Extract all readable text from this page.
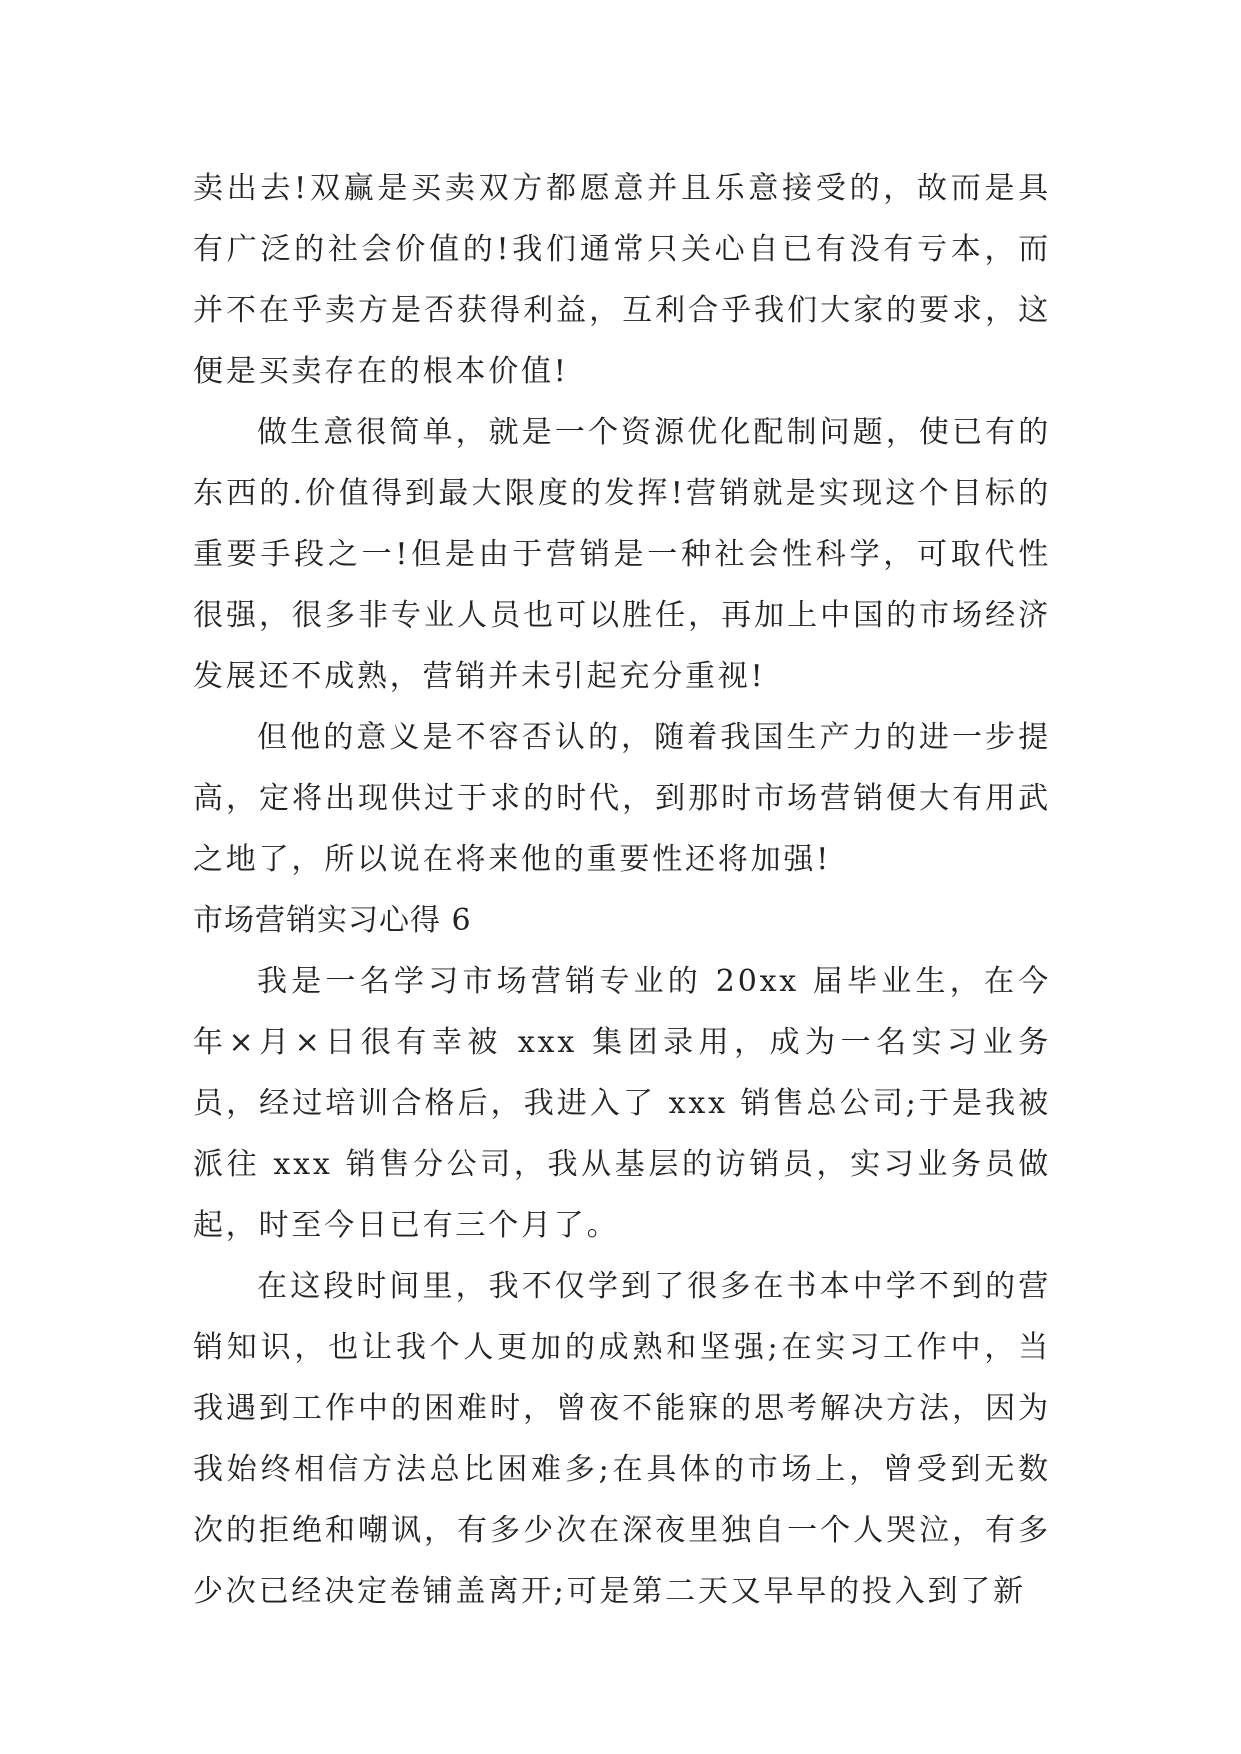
卖出去!双赢是买卖双方都愿意并且乐意接受的，故而是具有广泛的社会价值的!我们通常只关心自已有没有亏本，而并不在乎卖方是否获得利益，互利合乎我们大家的要求，这便是买卖存在的根本价值!

做生意很简单，就是一个资源优化配制问题，使已有的东西的.价值得到最大限度的发挥!营销就是实现这个目标的重要手段之一!但是由于营销是一种社会性科学，可取代性很强，很多非专业人员也可以胜任，再加上中国的市场经济发展还不成熟，营销并未引起充分重视!

但他的意义是不容否认的，随着我国生产力的进一步提高，定将出现供过于求的时代，到那时市场营销便大有用武之地了，所以说在将来他的重要性还将加强!

市场营销实习心得 6

我是一名学习市场营销专业的 20xx 届毕业生，在今年×月×日很有幸被 xxx 集团录用，成为一名实习业务员，经过培训合格后，我进入了 xxx 销售总公司;于是我被派往 xxx 销售分公司，我从基层的访销员，实习业务员做起，时至今日已有三个月了。

在这段时间里，我不仅学到了很多在书本中学不到的营销知识，也让我个人更加的成熟和坚强;在实习工作中，当我遇到工作中的困难时，曾夜不能寐的思考解决方法，因为我始终相信方法总比困难多;在具体的市场上，曾受到无数次的拒绝和嘲讽，有多少次在深夜里独自一个人哭泣，有多少次已经决定卷铺盖离开;可是第二天又早早的投入到了新
